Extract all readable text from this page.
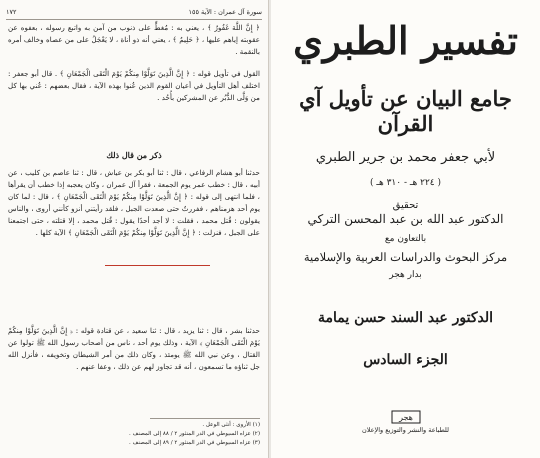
سورة آل عمران : الآية ١٥٥
١٧٢

﴿ إِنَّ اللَّهَ غَفُورٌ ﴾ ، يعني به : مُغطٍّ على ذنوب من آمن به واتبع رسوله ، بعفوه عن عقوبته إياهم عليها ، ﴿ حَلِيمٌ ﴾ ، يعني أنه ذو أناة ، لا يَعْجَلُ على من عصاه وخالف أمره بالنقمة .

القول في تأويل قوله : ﴿ إِنَّ الَّذِينَ تَوَلَّوْا مِنكُمْ يَوْمَ الْتَقَى الْجَمْعَانِ ﴾ . قال أبو جعفر : اختلف أهل التأويل في أعيان القوم الذين عُنوا بهذه الآية ، فقال بعضهم : عُني بها كل من وَلَّى الدُّبُر عن المشركين بأُحُد .

ذكر من قال ذلك

حدثنا أبو هشام الرفاعي ، قال : ثنا أبو بكر بن عياش ، قال : ثنا عاصم بن كليب ، عن أبيه ، قال : خطب عمر يوم الجمعة ، فقرأ آل عمران ، وكان يعجبه إذا خطب أن يقرأها ، فلما انتهى إلى قوله : ﴿ إِنَّ الَّذِينَ تَوَلَّوْا مِنكُمْ يَوْمَ الْتَقَى الْجَمْعَانِ ﴾ ، قال : لما كان يوم أحد هزمناهم ، ففررتُ حتى صعدت الجبل ، فلقد رأيتني أنزو كأنني أروى ، والناس يقولون : قُتل محمد ، فقلت : لا أجد أحدًا يقول : قُتل محمد ، إلا قتلته ، حتى اجتمعنا على الجبل ، فنزلت : ﴿ إِنَّ الَّذِينَ تَوَلَّوْا مِنكُمْ يَوْمَ الْتَقَى الْجَمْعَانِ ﴾ الآية كلها .

حدثنا بشر ، قال : ثنا يزيد ، قال : ثنا سعيد ، عن قتادة قوله : ﴿ إِنَّ الَّذِينَ تَوَلَّوْا مِنكُمْ يَوْمَ الْتَقَى الْجَمْعَانِ ﴾ الآية ، وذلك يوم أحد ، ناس من أصحاب رسول الله ﷺ تولوا عن القتال ، وعن نبي الله ﷺ يومئذ ، وكان ذلك من أمر الشيطان وتخويفه ، فأنزل الله جل ثناؤه ما تسمعون ، أنه قد تجاوز لهم عن ذلك ، وعفا عنهم .

(١) الأروى : أنثى الوعل .
(٢) عزاه السيوطي في الدر المنثور ٢ / ٨٨ إلى المصنف .
(٣) عزاه السيوطي في الدر المنثور ٢ / ٨٩ إلى المصنف .
تفسير الطبري
جامع البيان عن تأويل آي القرآن
لأبي جعفر محمد بن جرير الطبري
( ٢٢٤ هـ - ٣١٠ هـ )
تحقيق
الدكتور عبد الله بن عبد المحسن التركي
بالتعاون مع
مركز البحوث والدراسات العربية والإسلامية
بدار هجر
الدكتور عبد السند حسن يمامة
الجزء السادس
هجر
للطباعة والنشر والتوزيع والإعلان
